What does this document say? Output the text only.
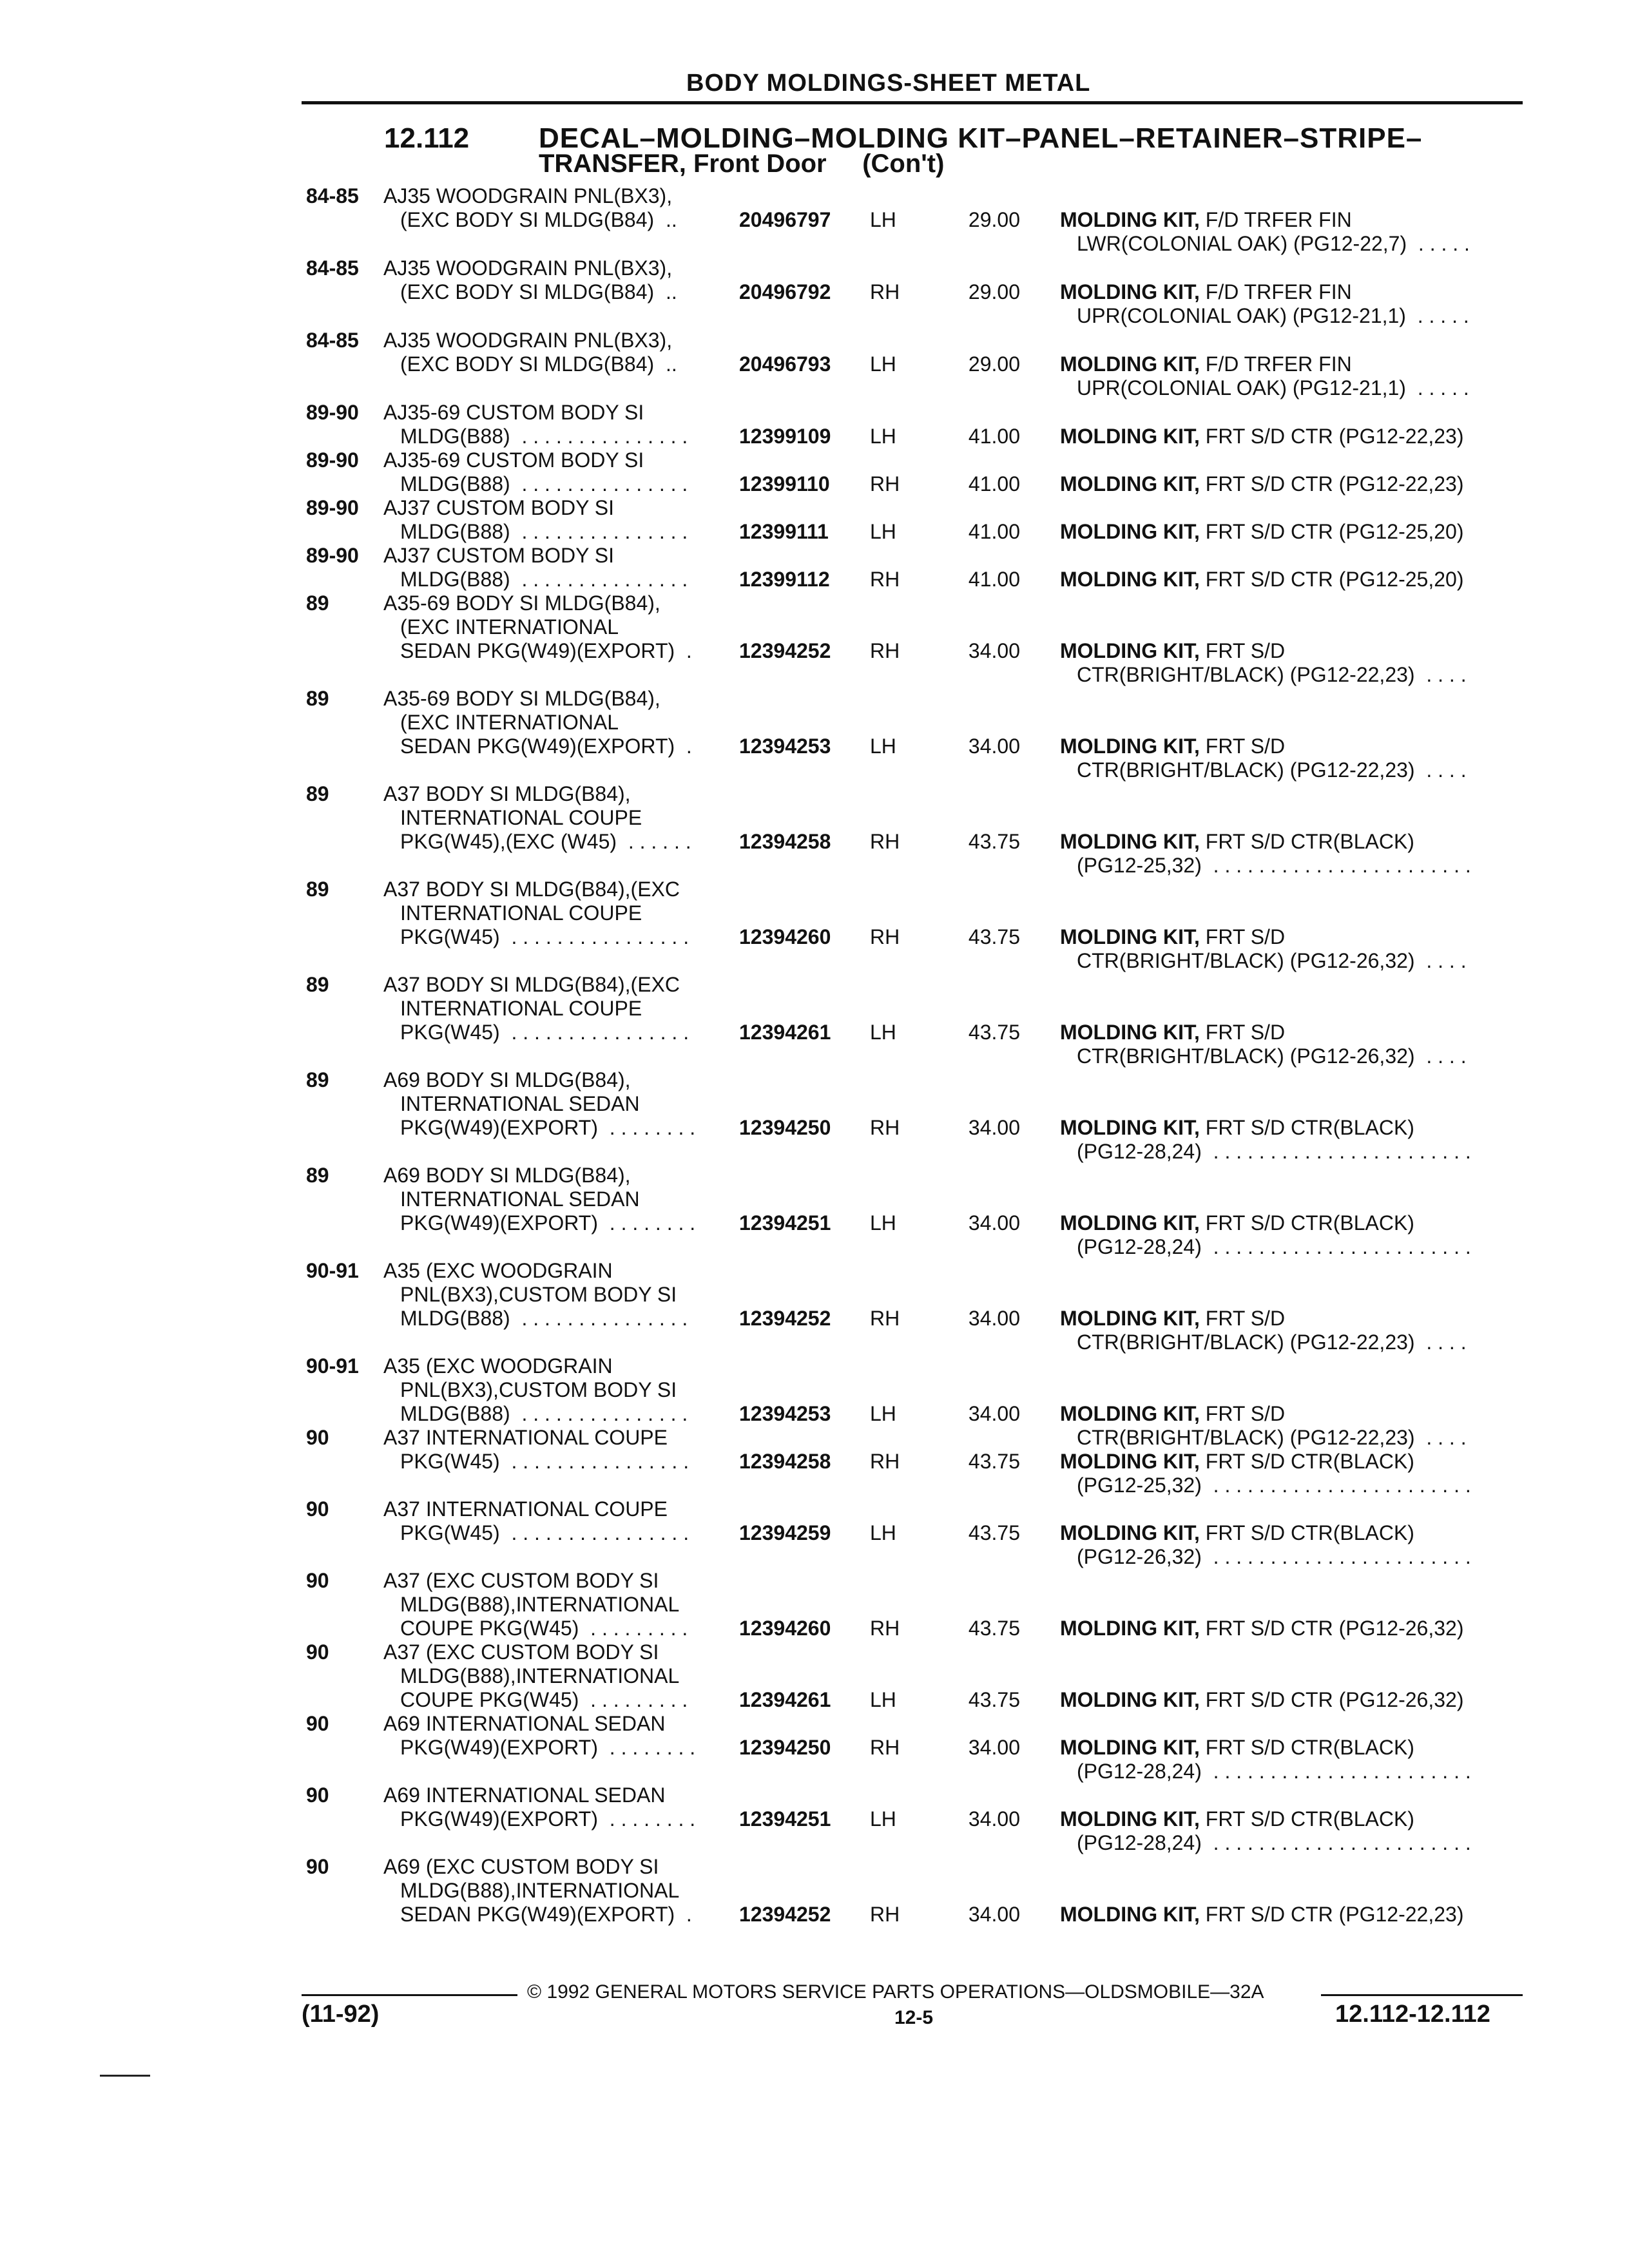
BODY MOLDINGS-SHEET METAL
12.112 DECAL–MOLDING–MOLDING KIT–PANEL–RETAINER–STRIPE–
TRANSFER, Front Door     (Con't)
84-85 AJ35 WOODGRAIN PNL(BX3),
(EXC BODY SI MLDG(B84)  ..	20496797 LH	29.00 MOLDING KIT, F/D TRFER FIN
LWR(COLONIAL OAK) (PG12-22,7)  . . . . .
84-85 AJ35 WOODGRAIN PNL(BX3),
(EXC BODY SI MLDG(B84)  ..	20496792 RH	29.00 MOLDING KIT, F/D TRFER FIN
UPR(COLONIAL OAK) (PG12-21,1)  . . . . .
84-85 AJ35 WOODGRAIN PNL(BX3),
(EXC BODY SI MLDG(B84)  ..	20496793 LH	29.00 MOLDING KIT, F/D TRFER FIN
UPR(COLONIAL OAK) (PG12-21,1)  . . . . .
89-90 AJ35-69 CUSTOM BODY SI
MLDG(B88)  . . . . . . . . . . . . . . . 12399109 LH	41.00 MOLDING KIT, FRT S/D CTR (PG12-22,23)
89-90 AJ35-69 CUSTOM BODY SI
MLDG(B88)  . . . . . . . . . . . . . . . 12399110 RH	41.00 MOLDING KIT, FRT S/D CTR (PG12-22,23)
89-90 AJ37 CUSTOM BODY SI
MLDG(B88)  . . . . . . . . . . . . . . . 12399111 LH	41.00 MOLDING KIT, FRT S/D CTR (PG12-25,20)
89-90 AJ37 CUSTOM BODY SI
MLDG(B88)  . . . . . . . . . . . . . . . 12399112 RH	41.00 MOLDING KIT, FRT S/D CTR (PG12-25,20)
89	A35-69 BODY SI MLDG(B84),
(EXC INTERNATIONAL
SEDAN PKG(W49)(EXPORT)  . 12394252 RH	34.00 MOLDING KIT, FRT S/D
CTR(BRIGHT/BLACK) (PG12-22,23)  . . . .
89	A35-69 BODY SI MLDG(B84),
(EXC INTERNATIONAL
SEDAN PKG(W49)(EXPORT)  . 12394253 LH	34.00 MOLDING KIT, FRT S/D
CTR(BRIGHT/BLACK) (PG12-22,23)  . . . .
89	A37 BODY SI MLDG(B84),
INTERNATIONAL COUPE
PKG(W45),(EXC (W45)  . . . . . . 12394258 RH	43.75 MOLDING KIT, FRT S/D CTR(BLACK)
(PG12-25,32)  . . . . . . . . . . . . . . . . . . . . . . .
89	A37 BODY SI MLDG(B84),(EXC
INTERNATIONAL COUPE
PKG(W45)  . . . . . . . . . . . . . . . . 12394260 RH	43.75 MOLDING KIT, FRT S/D
CTR(BRIGHT/BLACK) (PG12-26,32)  . . . .
89	A37 BODY SI MLDG(B84),(EXC
INTERNATIONAL COUPE
PKG(W45)  . . . . . . . . . . . . . . . . 12394261 LH	43.75 MOLDING KIT, FRT S/D
CTR(BRIGHT/BLACK) (PG12-26,32)  . . . .
89	A69 BODY SI MLDG(B84),
INTERNATIONAL SEDAN
PKG(W49)(EXPORT)  . . . . . . . . 12394250 RH	34.00 MOLDING KIT, FRT S/D CTR(BLACK)
(PG12-28,24)  . . . . . . . . . . . . . . . . . . . . . . .
89	A69 BODY SI MLDG(B84),
INTERNATIONAL SEDAN
PKG(W49)(EXPORT)  . . . . . . . . 12394251 LH	34.00 MOLDING KIT, FRT S/D CTR(BLACK)
(PG12-28,24)  . . . . . . . . . . . . . . . . . . . . . . .
90-91 A35 (EXC WOODGRAIN
PNL(BX3),CUSTOM BODY SI
MLDG(B88)  . . . . . . . . . . . . . . . 12394252 RH	34.00 MOLDING KIT, FRT S/D
CTR(BRIGHT/BLACK) (PG12-22,23)  . . . .
90-91 A35 (EXC WOODGRAIN
PNL(BX3),CUSTOM BODY SI
MLDG(B88)  . . . . . . . . . . . . . . . 12394253 LH	34.00 MOLDING KIT, FRT S/D
CTR(BRIGHT/BLACK) (PG12-22,23)  . . . .
90	A37 INTERNATIONAL COUPE
PKG(W45)  . . . . . . . . . . . . . . . . 12394258 RH	43.75 MOLDING KIT, FRT S/D CTR(BLACK)
(PG12-25,32)  . . . . . . . . . . . . . . . . . . . . . . .
90	A37 INTERNATIONAL COUPE
PKG(W45)  . . . . . . . . . . . . . . . . 12394259 LH	43.75 MOLDING KIT, FRT S/D CTR(BLACK)
(PG12-26,32)  . . . . . . . . . . . . . . . . . . . . . . .
90	A37 (EXC CUSTOM BODY SI
MLDG(B88),INTERNATIONAL
COUPE PKG(W45)  . . . . . . . . . 12394260 RH	43.75 MOLDING KIT, FRT S/D CTR (PG12-26,32)
90	A37 (EXC CUSTOM BODY SI
MLDG(B88),INTERNATIONAL
COUPE PKG(W45)  . . . . . . . . . 12394261 LH	43.75 MOLDING KIT, FRT S/D CTR (PG12-26,32)
90	A69 INTERNATIONAL SEDAN
PKG(W49)(EXPORT)  . . . . . . . . 12394250 RH	34.00 MOLDING KIT, FRT S/D CTR(BLACK)
(PG12-28,24)  . . . . . . . . . . . . . . . . . . . . . . .
90	A69 INTERNATIONAL SEDAN
PKG(W49)(EXPORT)  . . . . . . . . 12394251 LH	34.00 MOLDING KIT, FRT S/D CTR(BLACK)
(PG12-28,24)  . . . . . . . . . . . . . . . . . . . . . . .
90	A69 (EXC CUSTOM BODY SI
MLDG(B88),INTERNATIONAL
SEDAN PKG(W49)(EXPORT)  . 12394252 RH	34.00 MOLDING KIT, FRT S/D CTR (PG12-22,23)
© 1992 GENERAL MOTORS SERVICE PARTS OPERATIONS—OLDSMOBILE—32A
(11-92)	12-5	12.112-12.112
